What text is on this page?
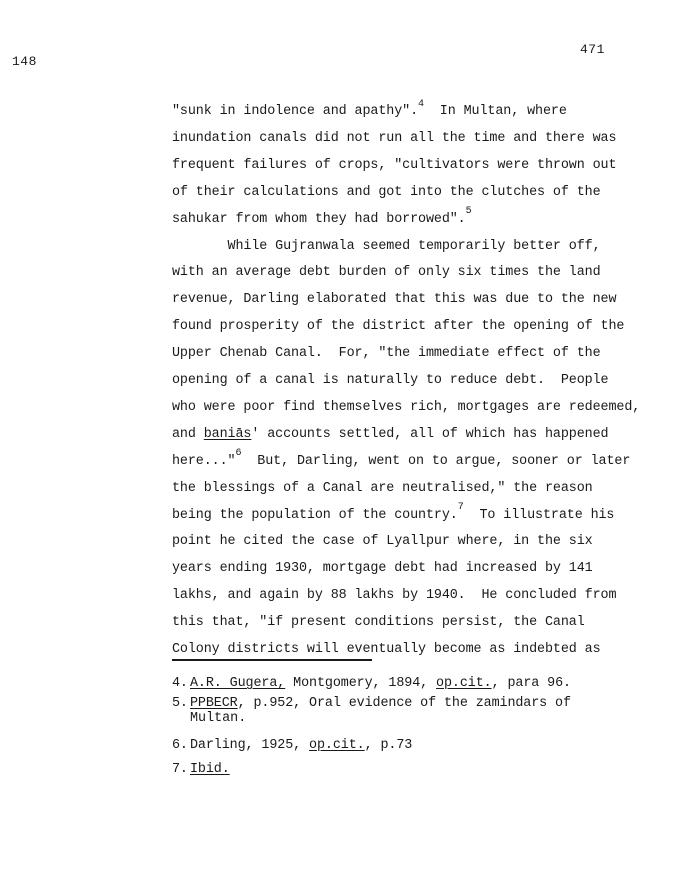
148
471
"sunk in indolence and apathy".$^4$  In Multan, where
inundation canals did not run all the time and there was
frequent failures of crops, "cultivators were thrown out
of their calculations and got into the clutches of the
sahukar from whom they had borrowed".$^5$
While Gujranwala seemed temporarily better off,
with an average debt burden of only six times the land
revenue, Darling elaborated that this was due to the new
found prosperity of the district after the opening of the
Upper Chenab Canal.  For, "the immediate effect of the
opening of a canal is naturally to reduce debt.  People
who were poor find themselves rich, mortgages are redeemed,
and baniās' accounts settled, all of which has happened
here..."$^6$  But, Darling, went on to argue, sooner or later
the blessings of a Canal are neutralised," the reason
being the population of the country.$^7$  To illustrate his
point he cited the case of Lyallpur where, in the six
years ending 1930, mortgage debt had increased by 141
lakhs, and again by 88 lakhs by 1940.  He concluded from
this that, "if present conditions persist, the Canal
Colony districts will eventually become as indebted as
4. A.R. Gugera, Montgomery, 1894, op.cit., para 96.
5. PPBECR, p.952, Oral evidence of the zamindars of
Multan.
6. Darling, 1925, op.cit., p.73
7. Ibid.
